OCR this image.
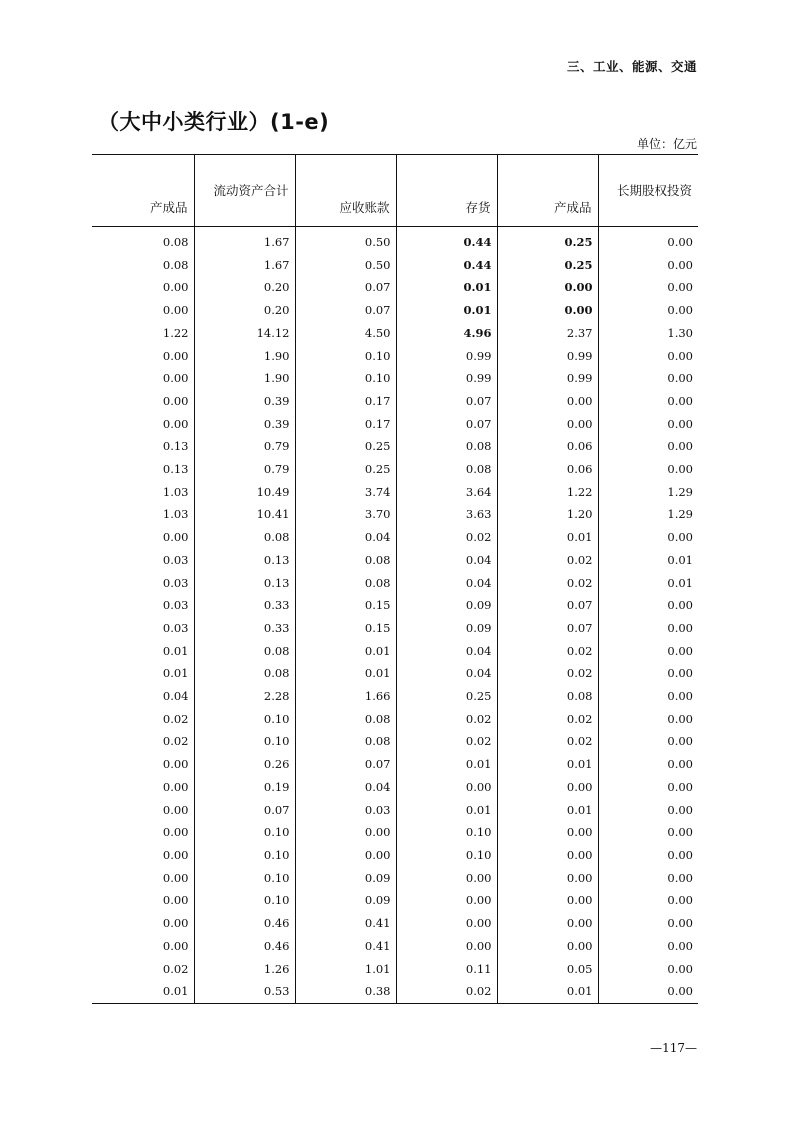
三、工业、能源、交通
（大中小类行业）(1-e)
单位：亿元
产成品	流动资产合计	应收账款	存货	产成品	长期股权投资

0.08	1.67	0.50	0.44	0.25	0.00
0.08	1.67	0.50	0.44	0.25	0.00
0.00	0.20	0.07	0.01	0.00	0.00
0.00	0.20	0.07	0.01	0.00	0.00
1.22	14.12	4.50	4.96	2.37	1.30
0.00	1.90	0.10	0.99	0.99	0.00
0.00	1.90	0.10	0.99	0.99	0.00
0.00	0.39	0.17	0.07	0.00	0.00
0.00	0.39	0.17	0.07	0.00	0.00
0.13	0.79	0.25	0.08	0.06	0.00
0.13	0.79	0.25	0.08	0.06	0.00
1.03	10.49	3.74	3.64	1.22	1.29
1.03	10.41	3.70	3.63	1.20	1.29
0.00	0.08	0.04	0.02	0.01	0.00
0.03	0.13	0.08	0.04	0.02	0.01
0.03	0.13	0.08	0.04	0.02	0.01
0.03	0.33	0.15	0.09	0.07	0.00
0.03	0.33	0.15	0.09	0.07	0.00
0.01	0.08	0.01	0.04	0.02	0.00
0.01	0.08	0.01	0.04	0.02	0.00
0.04	2.28	1.66	0.25	0.08	0.00
0.02	0.10	0.08	0.02	0.02	0.00
0.02	0.10	0.08	0.02	0.02	0.00
0.00	0.26	0.07	0.01	0.01	0.00
0.00	0.19	0.04	0.00	0.00	0.00
0.00	0.07	0.03	0.01	0.01	0.00
0.00	0.10	0.00	0.10	0.00	0.00
0.00	0.10	0.00	0.10	0.00	0.00
0.00	0.10	0.09	0.00	0.00	0.00
0.00	0.10	0.09	0.00	0.00	0.00
0.00	0.46	0.41	0.00	0.00	0.00
0.00	0.46	0.41	0.00	0.00	0.00
0.02	1.26	1.01	0.11	0.05	0.00
0.01	0.53	0.38	0.02	0.01	0.00
—117—
